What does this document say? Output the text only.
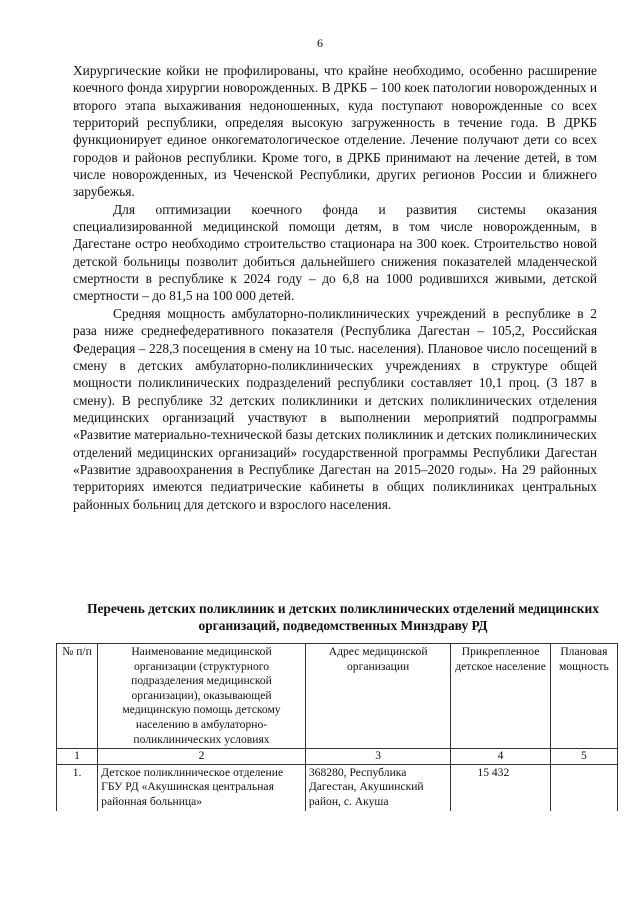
6

Хирургические койки не профилированы, что крайне необходимо, особенно расширение коечного фонда хирургии новорожденных. В ДРКБ – 100 коек патологии новорожденных и второго этапа выхаживания недоношенных, куда поступают новорожденные со всех территорий республики, определяя высокую загруженность в течение года. В ДРКБ функционирует единое онкогематологическое отделение. Лечение получают дети со всех городов и районов республики. Кроме того, в ДРКБ принимают на лечение детей, в том числе новорожденных, из Чеченской Республики, других регионов России и ближнего зарубежья.

Для оптимизации коечного фонда и развития системы оказания специализированной медицинской помощи детям, в том числе новорожденным, в Дагестане остро необходимо строительство стационара на 300 коек. Строительство новой детской больницы позволит добиться дальнейшего снижения показателей младенческой смертности в республике к 2024 году – до 6,8 на 1000 родившихся живыми, детской смертности – до 81,5 на 100 000 детей.

Средняя мощность амбулаторно-поликлинических учреждений в республике в 2 раза ниже среднефедеративного показателя (Республика Дагестан – 105,2, Российская Федерация – 228,3 посещения в смену на 10 тыс. населения). Плановое число посещений в смену в детских амбулаторно-поликлинических учреждениях в структуре общей мощности поликлинических подразделений республики составляет 10,1 проц. (3 187 в смену). В республике 32 детских поликлиники и детских поликлинических отделения медицинских организаций участвуют в выполнении мероприятий подпрограммы «Развитие материально-технической базы детских поликлиник и детских поликлинических отделений медицинских организаций» государственной программы Республики Дагестан «Развитие здравоохранения в Республике Дагестан на 2015–2020 годы». На 29 районных территориях имеются педиатрические кабинеты в общих поликлиниках центральных районных больниц для детского и взрослого населения.

Перечень детских поликлиник и детских поликлинических отделений медицинских организаций, подведомственных Минздраву РД
№ п/п	Наименование медицинской организации (структурного подразделения медицинской организации), оказывающей медицинскую помощь детскому населению в амбулаторно-поликлинических условиях	Адрес медицинской организации	Прикрепленное детское население	Плановая мощность
1	2	3	4	5
1.	Детское поликлиническое отделение ГБУ РД «Акушинская центральная районная больница»	368280, Республика Дагестан, Акушинский район, с. Акуша	15 432	
